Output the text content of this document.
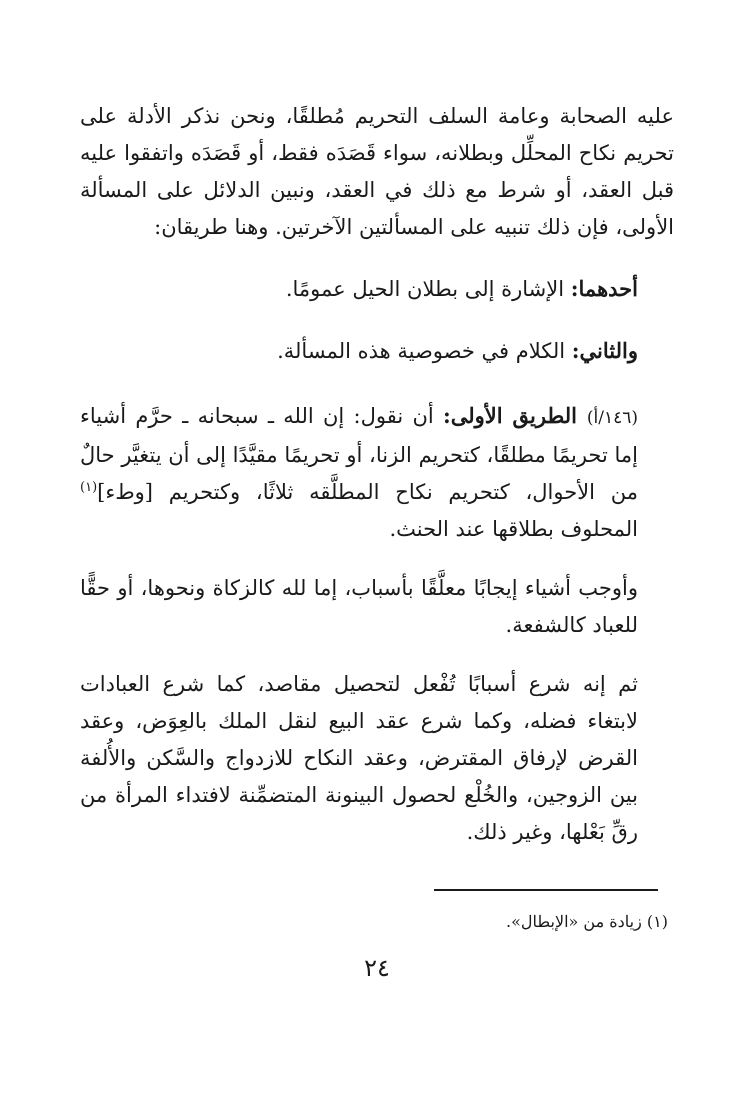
عليه الصحابة وعامة السلف التحريم مُطلقًا، ونحن نذكر الأدلة على تحريم نكاح المحلِّل وبطلانه، سواء قَصَدَه فقط، أو قَصَدَه واتفقوا عليه قبل العقد، أو شرط مع ذلك في العقد، ونبين الدلائل على المسألة الأولى، فإن ذلك تنبيه على المسألتين الآخرتين. وهنا طريقان:

أحدهما: الإشارة إلى بطلان الحيل عمومًا.

والثاني: الكلام في خصوصية هذه المسألة.

(١٤٦/أ) الطريق الأولى: أن نقول: إن الله ـ سبحانه ـ حرَّم أشياء إما تحريمًا مطلقًا، كتحريم الزنا، أو تحريمًا مقيَّدًا إلى أن يتغيَّر حالٌ من الأحوال، كتحريم نكاح المطلَّقه ثلاثًا، وكتحريم [وطء]$^{(١)}$ المحلوف بطلاقها عند الحنث.

وأوجب أشياء إيجابًا معلَّقًا بأسباب، إما لله كالزكاة ونحوها، أو حقًّا للعباد كالشفعة.

ثم إنه شرع أسبابًا تُفْعل لتحصيل مقاصد، كما شرع العبادات لابتغاء فضله، وكما شرع عقد البيع لنقل الملك بالعِوَض، وعقد القرض لإرفاق المقترض، وعقد النكاح للازدواج والسَّكن والأُلفة بين الزوجين، والخُلْع لحصول البينونة المتضمِّنة لافتداء المرأة من رقِّ بَعْلها، وغير ذلك.

(١) زيادة من «الإبطال».
٢٤
